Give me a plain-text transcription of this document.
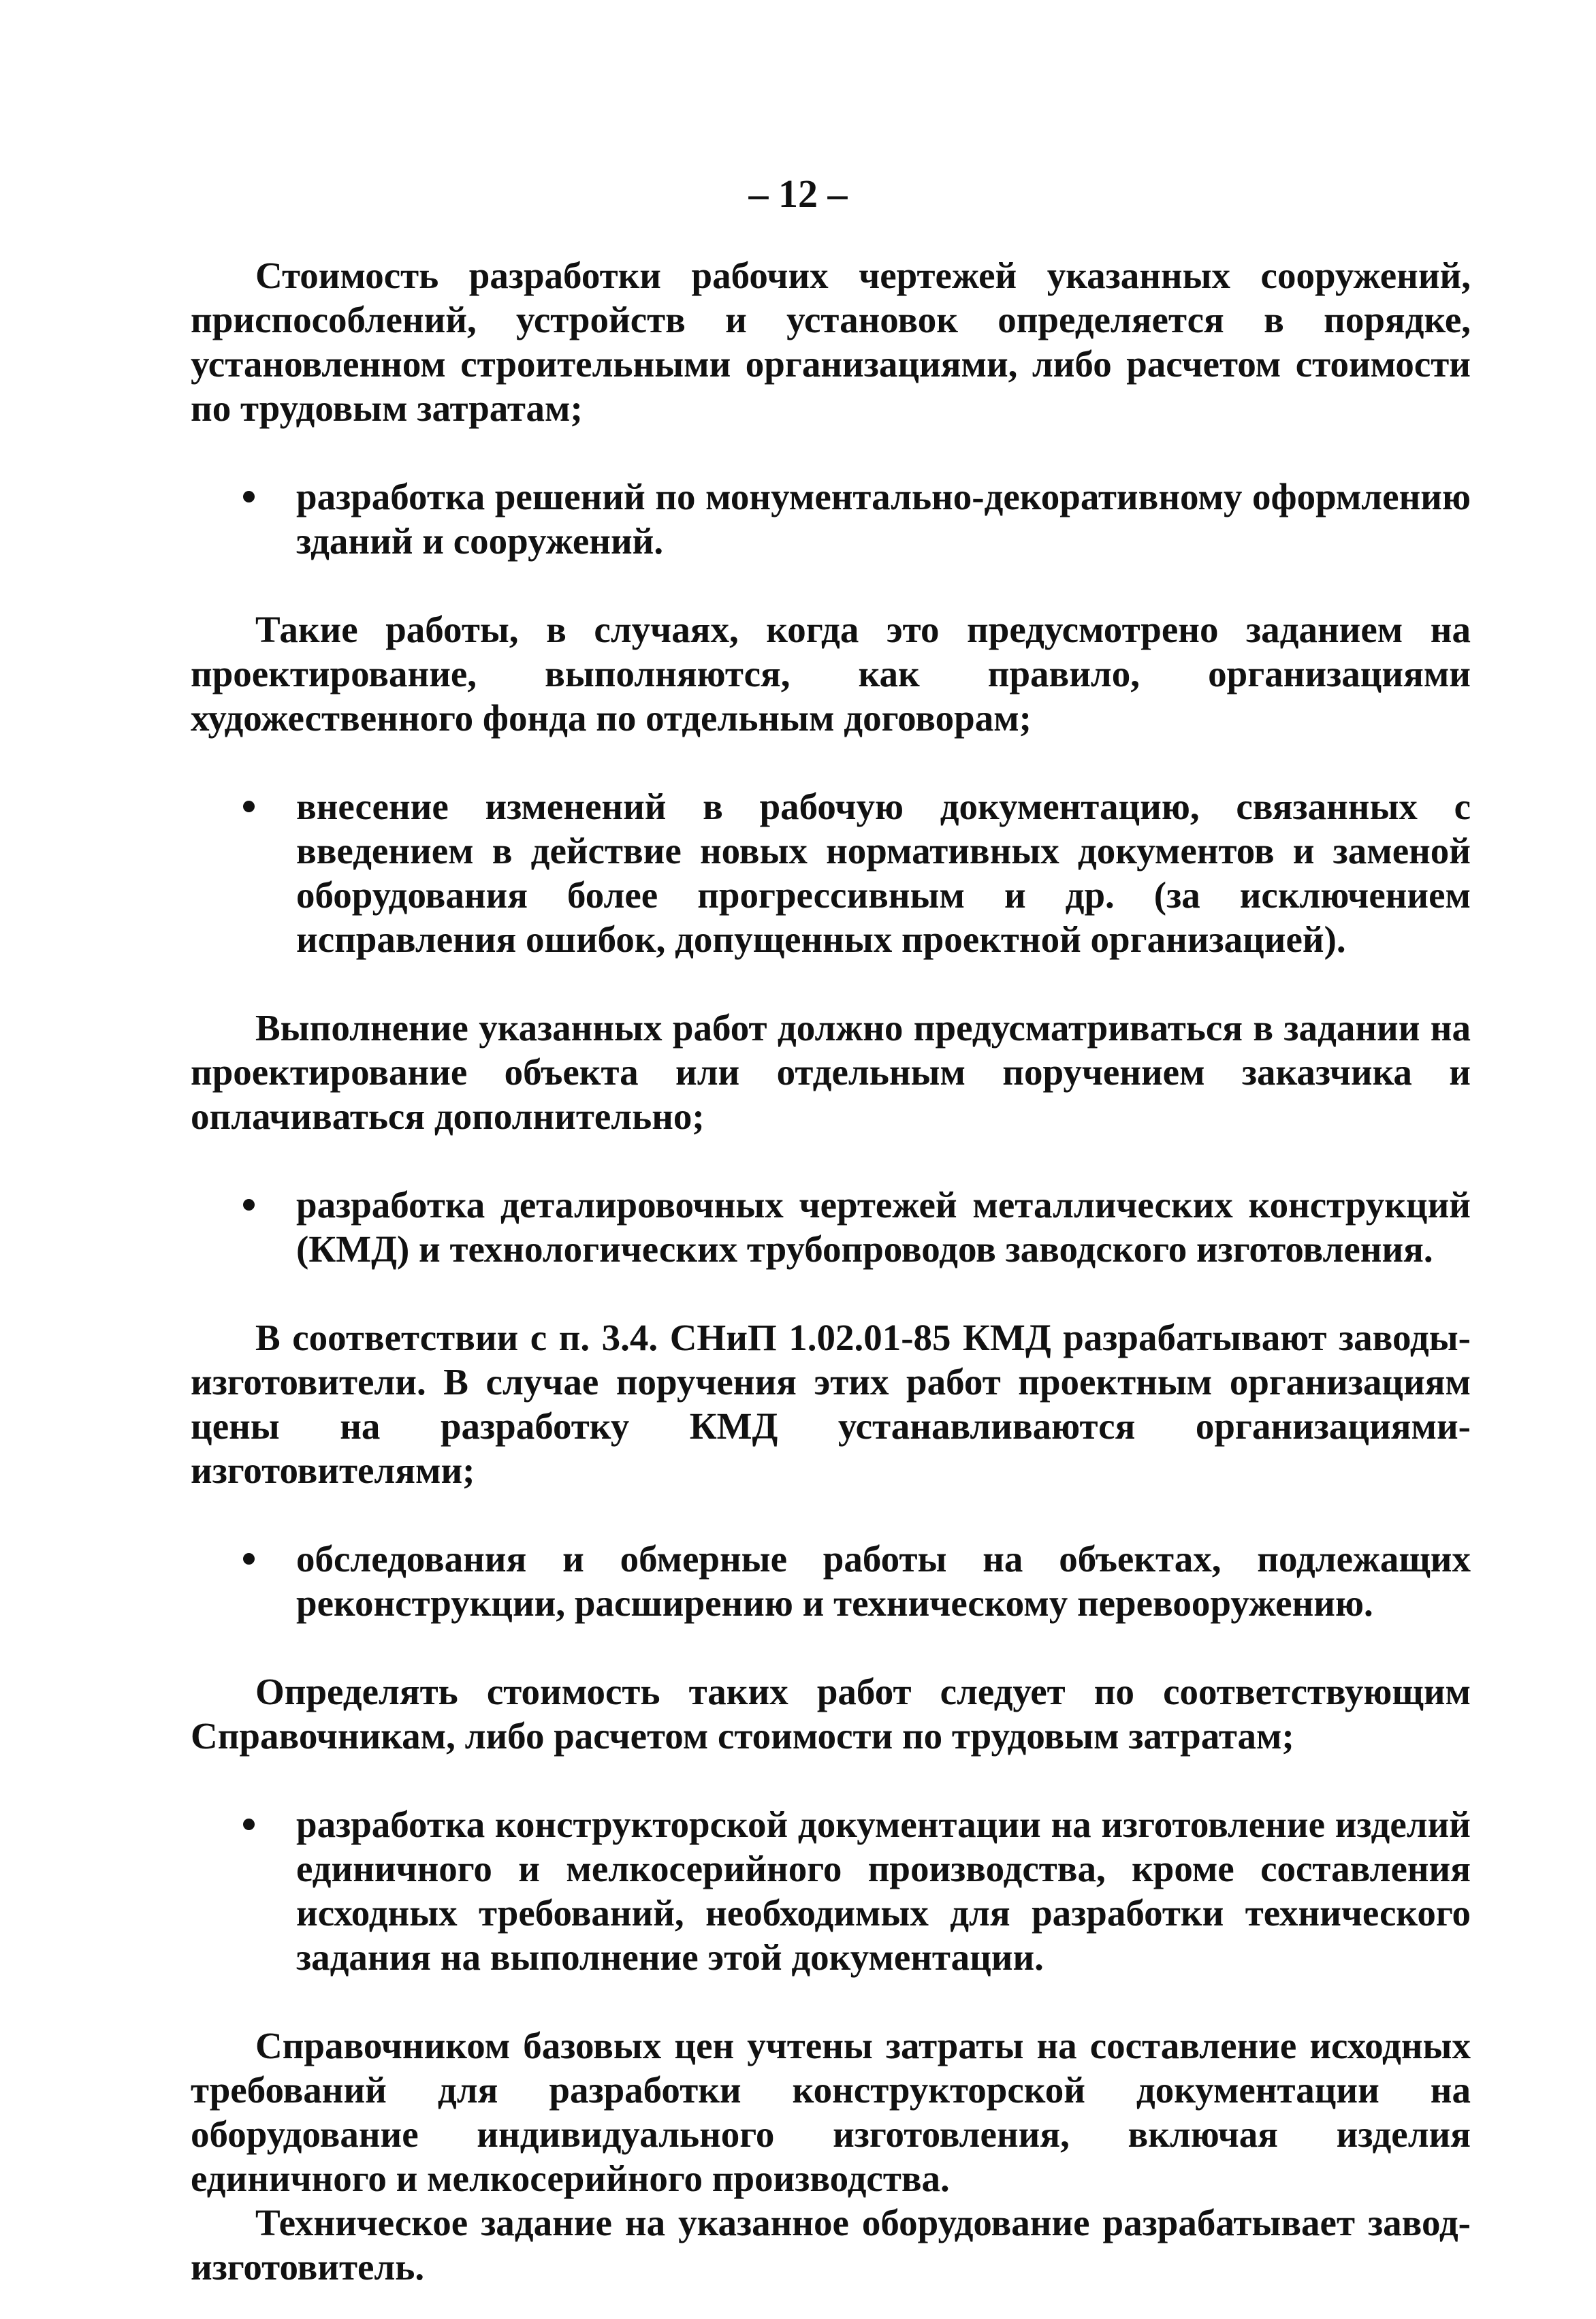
– 12 –

Стоимость разработки рабочих чертежей указанных сооружений, приспособлений, устройств и установок определяется в порядке, установленном строительными организациями, либо расчетом стоимости по трудовым затратам;

разработка решений по монументально-декоративному оформлению зданий и сооружений.

Такие работы, в случаях, когда это предусмотрено заданием на проектирование, выполняются, как правило, организациями художественного фонда по отдельным договорам;

внесение изменений в рабочую документацию, связанных с введением в действие новых нормативных документов и заменой оборудования более прогрессивным и др. (за исключением исправления ошибок, допущенных проектной организацией).

Выполнение указанных работ должно предусматриваться в задании на проектирование объекта или отдельным поручением заказчика и оплачиваться дополнительно;

разработка деталировочных чертежей металлических конструкций (КМД) и технологических трубопроводов заводского изготовления.

В соответствии с п. 3.4. СНиП 1.02.01-85 КМД разрабатывают заводы-изготовители. В случае поручения этих работ проектным организациям цены на разработку КМД устанавливаются организациями-изготовителями;

обследования и обмерные работы на объектах, подлежащих реконструкции, расширению и техническому перевооружению.

Определять стоимость таких работ следует по соответствующим Справочникам, либо расчетом стоимости по трудовым затратам;

разработка конструкторской документации на изготовление изделий единичного и мелкосерийного производства, кроме составления исходных требований, необходимых для разработки технического задания на выполнение этой документации.

Справочником базовых цен учтены затраты на составление исходных требований для разработки конструкторской документации на оборудование индивидуального изготовления, включая изделия единичного и мелкосерийного производства.

Техническое задание на указанное оборудование разрабатывает завод-изготовитель.
